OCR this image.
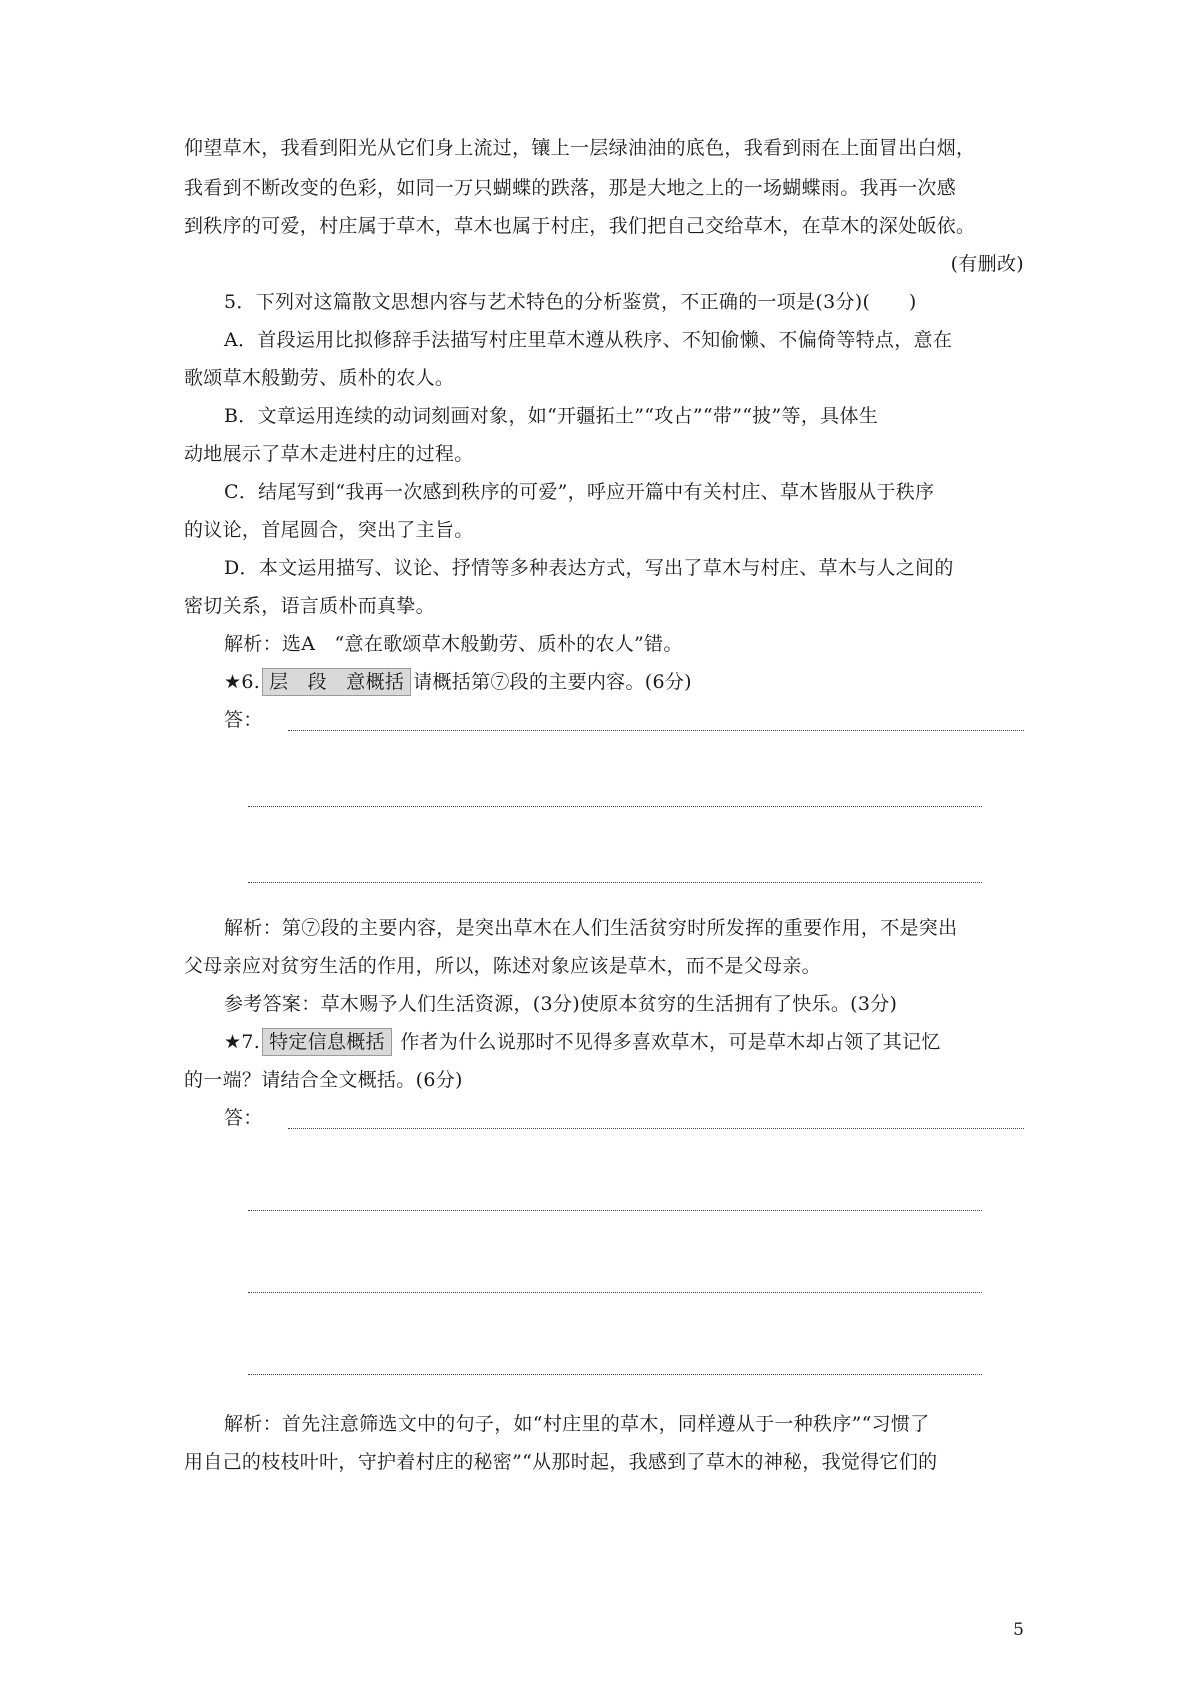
仰望草木，我看到阳光从它们身上流过，镶上一层绿油油的底色，我看到雨在上面冒出白烟，
我看到不断改变的色彩，如同一万只蝴蝶的跌落，那是大地之上的一场蝴蝶雨。我再一次感
到秩序的可爱，村庄属于草木，草木也属于村庄，我们把自己交给草木，在草木的深处皈依。
(有删改)
5．下列对这篇散文思想内容与艺术特色的分析鉴赏，不正确的一项是(3分)(　　)
A．首段运用比拟修辞手法描写村庄里草木遵从秩序、不知偷懒、不偏倚等特点，意在
歌颂草木般勤劳、质朴的农人。
B．文章运用连续的动词刻画对象，如“开疆拓土”“攻占”“带”“披”等，具体生
动地展示了草木走进村庄的过程。
C．结尾写到“我再一次感到秩序的可爱”，呼应开篇中有关村庄、草木皆服从于秩序
的议论，首尾圆合，突出了主旨。
D．本文运用描写、议论、抒情等多种表达方式，写出了草木与村庄、草木与人之间的
密切关系，语言质朴而真挚。
解析：选A　“意在歌颂草木般勤劳、质朴的农人”错。
★6. 层　段　意概括 请概括第⑦段的主要内容。(6分)
答：
解析：第⑦段的主要内容，是突出草木在人们生活贫穷时所发挥的重要作用，不是突出
父母亲应对贫穷生活的作用，所以，陈述对象应该是草木，而不是父母亲。
参考答案：草木赐予人们生活资源，(3分)使原本贫穷的生活拥有了快乐。(3分)
★7. 特定信息概括 作者为什么说那时不见得多喜欢草木，可是草木却占领了其记忆
的一端？请结合全文概括。(6分)
答：
解析：首先注意筛选文中的句子，如“村庄里的草木，同样遵从于一种秩序”“习惯了
用自己的枝枝叶叶，守护着村庄的秘密”“从那时起，我感到了草木的神秘，我觉得它们的
5
